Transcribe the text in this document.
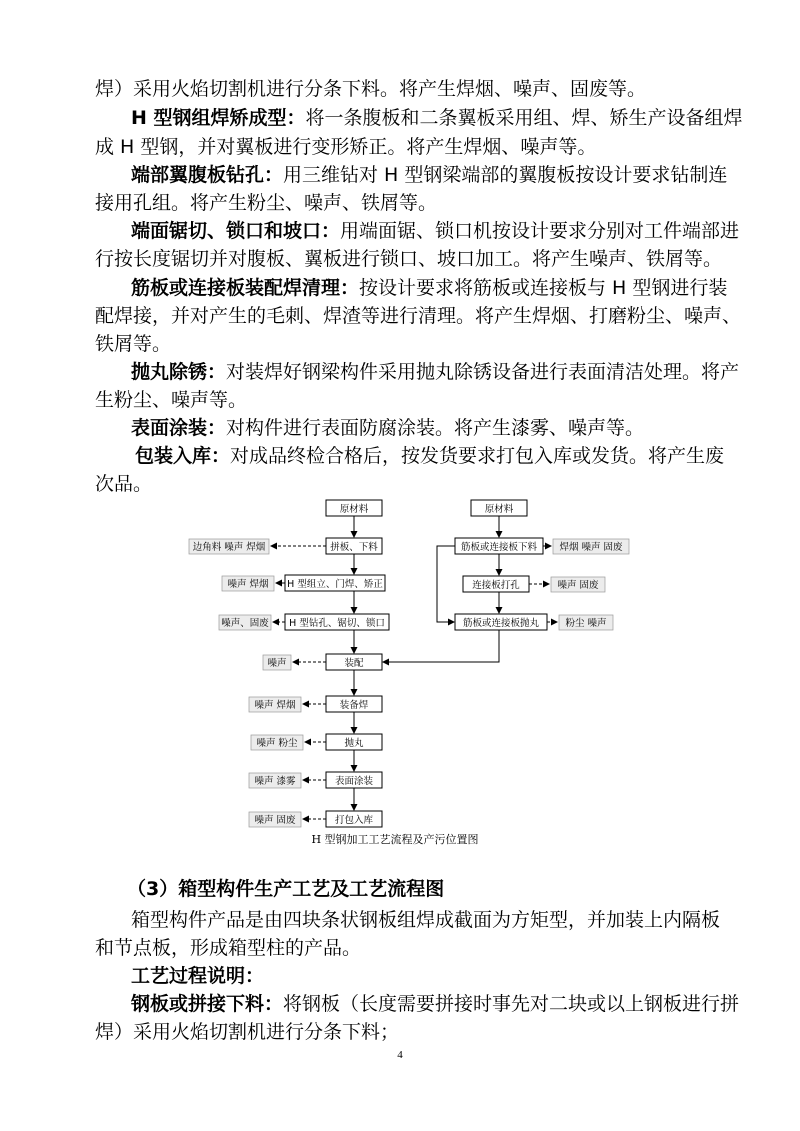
焊）采用火焰切割机进行分条下料。将产生焊烟、噪声、固废等。
H 型钢组焊矫成型：将一条腹板和二条翼板采用组、焊、矫生产设备组焊
成 H 型钢，并对翼板进行变形矫正。将产生焊烟、噪声等。
端部翼腹板钻孔：用三维钻对 H 型钢梁端部的翼腹板按设计要求钻制连
接用孔组。将产生粉尘、噪声、铁屑等。
端面锯切、锁口和坡口：用端面锯、锁口机按设计要求分别对工件端部进
行按长度锯切并对腹板、翼板进行锁口、坡口加工。将产生噪声、铁屑等。
筋板或连接板装配焊清理：按设计要求将筋板或连接板与 H 型钢进行装
配焊接，并对产生的毛刺、焊渣等进行清理。将产生焊烟、打磨粉尘、噪声、
铁屑等。
抛丸除锈：对装焊好钢梁构件采用抛丸除锈设备进行表面清洁处理。将产
生粉尘、噪声等。
表面涂装：对构件进行表面防腐涂装。将产生漆雾、噪声等。
包装入库：对成品终检合格后，按发货要求打包入库或发货。将产生废
次品。
原材料
拼板、下料
H 型组立、门焊、矫正
H 型钻孔、锯切、锁口
装配
装备焊
抛丸
表面涂装
打包入库
边角料 噪声 焊烟
噪声 焊烟
噪声、固废
噪声
噪声 焊烟
噪声 粉尘
噪声 漆雾
噪声 固废
原材料
筋板或连接板下料
连接板打孔
筋板或连接板抛丸
焊烟 噪声 固废
噪声 固废
粉尘 噪声
H 型钢加工工艺流程及产污位置图
（3）箱型构件生产工艺及工艺流程图
箱型构件产品是由四块条状钢板组焊成截面为方矩型，并加装上内隔板
和节点板，形成箱型柱的产品。
工艺过程说明：
钢板或拼接下料：将钢板（长度需要拼接时事先对二块或以上钢板进行拼
焊）采用火焰切割机进行分条下料；
4
